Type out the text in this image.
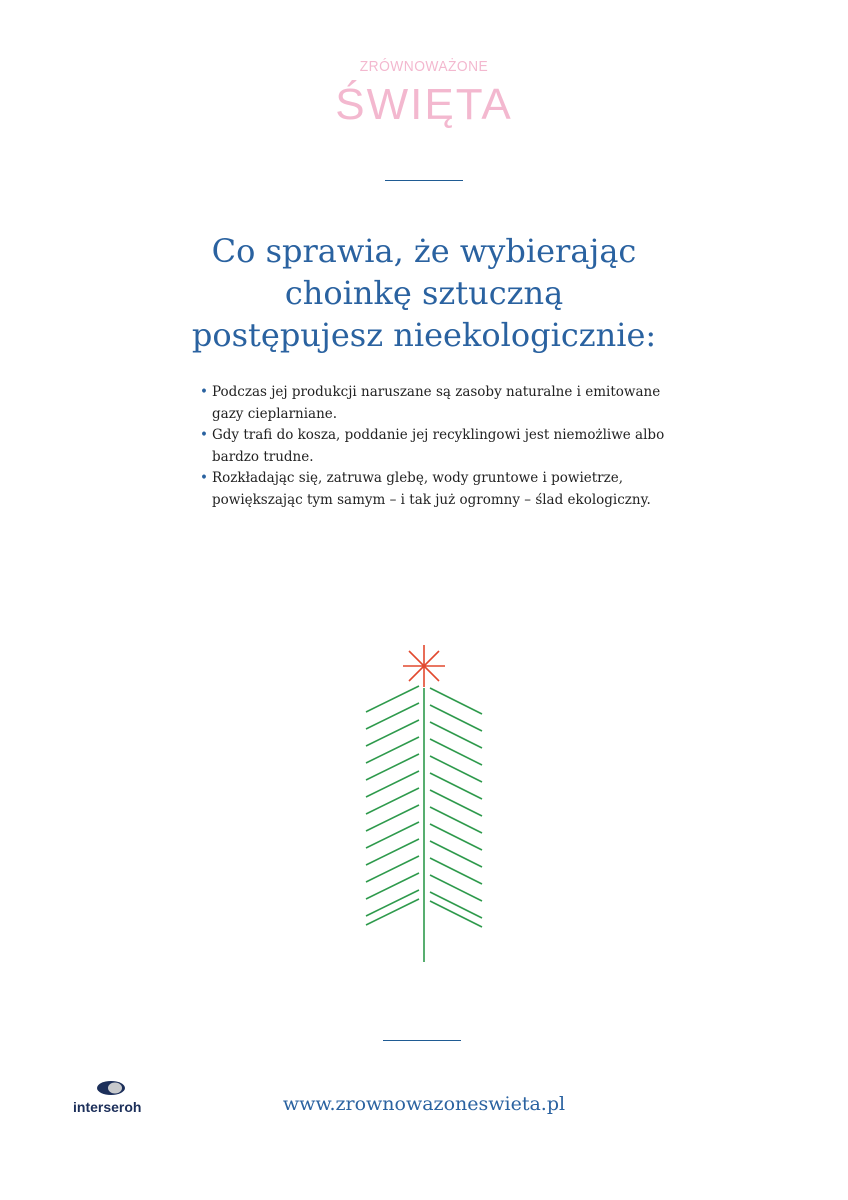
ZRÓWNOWAŻONE
ŚWIĘTA
Co sprawia, że wybierając
choinkę sztuczną
postępujesz nieekologicznie:
• Podczas jej produkcji naruszane są zasoby naturalne i emitowane
gazy cieplarniane.
• Gdy trafi do kosza, poddanie jej recyklingowi jest niemożliwe albo
bardzo trudne.
• Rozkładając się, zatruwa glebę, wody gruntowe i powietrze,
powiększając tym samym – i tak już ogromny – ślad ekologiczny.
interseroh	www.zrownowazoneswieta.pl
